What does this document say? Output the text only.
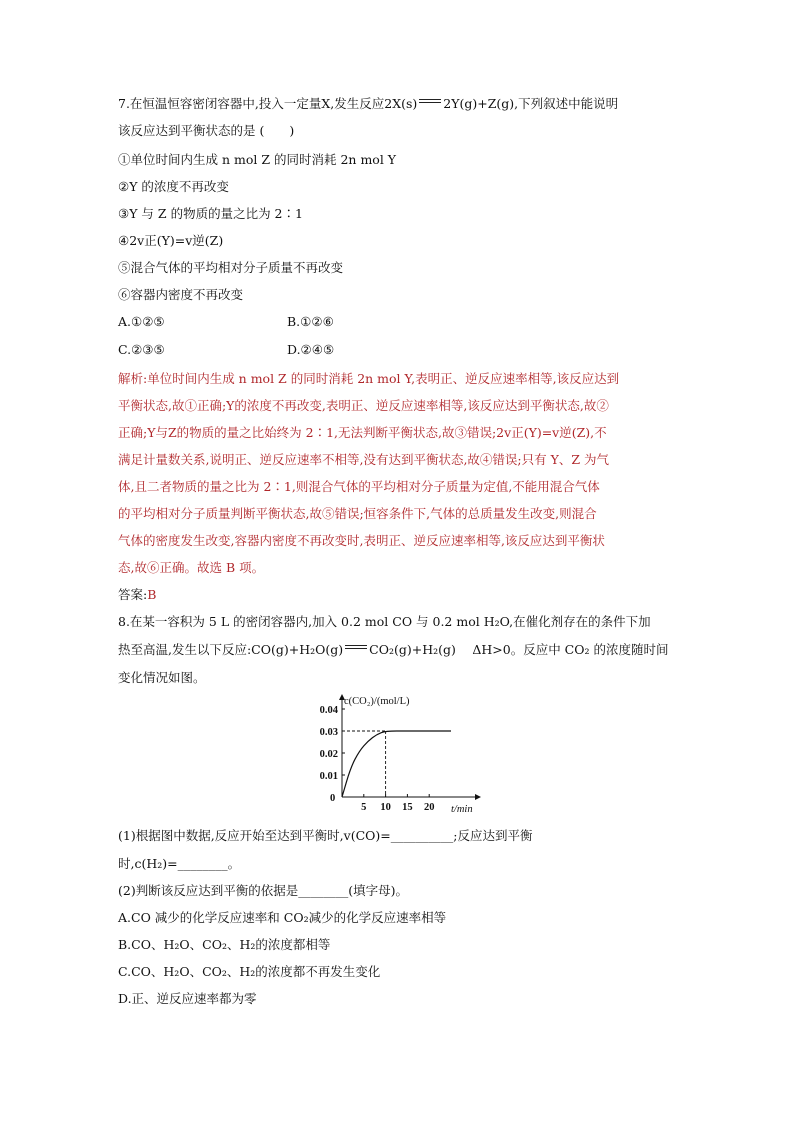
7.在恒温恒容密闭容器中,投入一定量X,发生反应2X(s) 2Y(g)+Z(g),下列叙述中能说明
该反应达到平衡状态的是 (　　)
①单位时间内生成 n mol Z 的同时消耗 2n mol Y
②Y 的浓度不再改变
③Y 与 Z 的物质的量之比为 2∶1
④2v正(Y)=v逆(Z)
⑤混合气体的平均相对分子质量不再改变
⑥容器内密度不再改变
A.①②⑤	B.①②⑥
C.②③⑤	D.②④⑤
解析:单位时间内生成 n mol Z 的同时消耗 2n mol Y,表明正、逆反应速率相等,该反应达到
平衡状态,故①正确;Y的浓度不再改变,表明正、逆反应速率相等,该反应达到平衡状态,故②
正确;Y与Z的物质的量之比始终为 2∶1,无法判断平衡状态,故③错误;2v正(Y)=v逆(Z),不
满足计量数关系,说明正、逆反应速率不相等,没有达到平衡状态,故④错误;只有 Y、Z 为气
体,且二者物质的量之比为 2∶1,则混合气体的平均相对分子质量为定值,不能用混合气体
的平均相对分子质量判断平衡状态,故⑤错误;恒容条件下,气体的总质量发生改变,则混合
气体的密度发生改变,容器内密度不再改变时,表明正、逆反应速率相等,该反应达到平衡状
态,故⑥正确。故选 B 项。
答案:B
8.在某一容积为 5 L 的密闭容器内,加入 0.2 mol CO 与 0.2 mol H₂O,在催化剂存在的条件下加
热至高温,发生以下反应:CO(g)+H₂O(g) CO₂(g)+H₂(g)　 ΔH>0。反应中 CO₂ 的浓度随时间
变化情况如图。
c(CO₂)/(mol/L)
t/min
0
5 10 15 20
0.01
0.02
0.03
0.04
(1)根据图中数据,反应开始至达到平衡时,v(CO)=__________;反应达到平衡
时,c(H₂)=________。
(2)判断该反应达到平衡的依据是________(填字母)。
A.CO 减少的化学反应速率和 CO₂减少的化学反应速率相等
B.CO、H₂O、CO₂、H₂的浓度都相等
C.CO、H₂O、CO₂、H₂的浓度都不再发生变化
D.正、逆反应速率都为零
